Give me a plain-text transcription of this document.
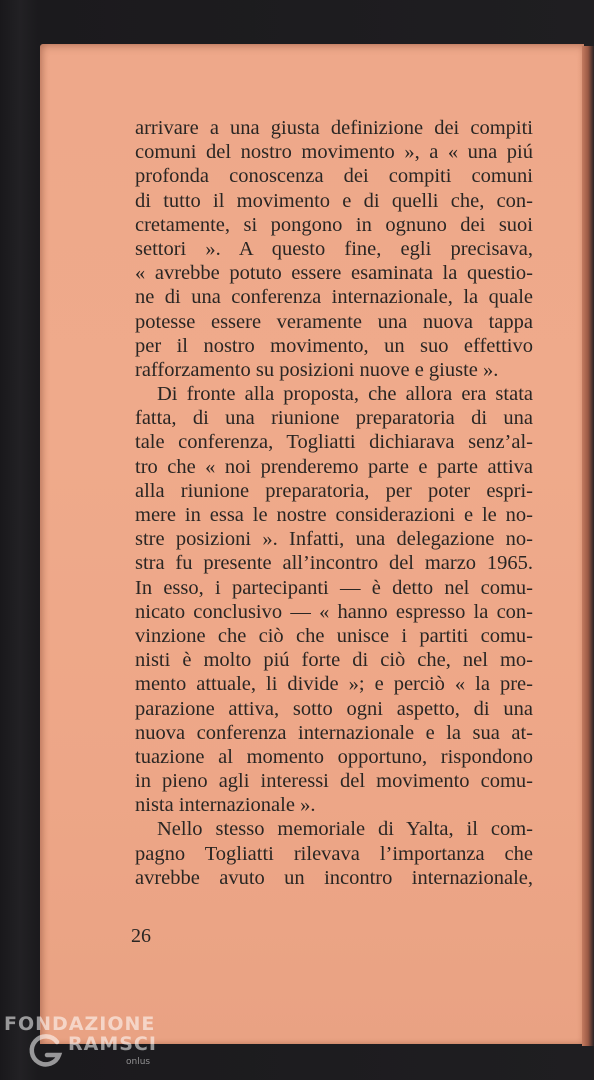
arrivare a una giusta definizione dei compiti
comuni del nostro movimento », a « una piú
profonda conoscenza dei compiti comuni
di tutto il movimento e di quelli che, con-
cretamente, si pongono in ognuno dei suoi
settori ». A questo fine, egli precisava,
« avrebbe potuto essere esaminata la questio-
ne di una conferenza internazionale, la quale
potesse essere veramente una nuova tappa
per il nostro movimento, un suo effettivo
rafforzamento su posizioni nuove e giuste ».
Di fronte alla proposta, che allora era stata
fatta, di una riunione preparatoria di una
tale conferenza, Togliatti dichiarava senz’al-
tro che « noi prenderemo parte e parte attiva
alla riunione preparatoria, per poter espri-
mere in essa le nostre considerazioni e le no-
stre posizioni ». Infatti, una delegazione no-
stra fu presente all’incontro del marzo 1965.
In esso, i partecipanti — è detto nel comu-
nicato conclusivo — « hanno espresso la con-
vinzione che ciò che unisce i partiti comu-
nisti è molto piú forte di ciò che, nel mo-
mento attuale, li divide »; e perciò « la pre-
parazione attiva, sotto ogni aspetto, di una
nuova conferenza internazionale e la sua at-
tuazione al momento opportuno, rispondono
in pieno agli interessi del movimento comu-
nista internazionale ».
Nello stesso memoriale di Yalta, il com-
pagno Togliatti rilevava l’importanza che
avrebbe avuto un incontro internazionale,
26
FONDAZIONE
RAMSCI
onlus
